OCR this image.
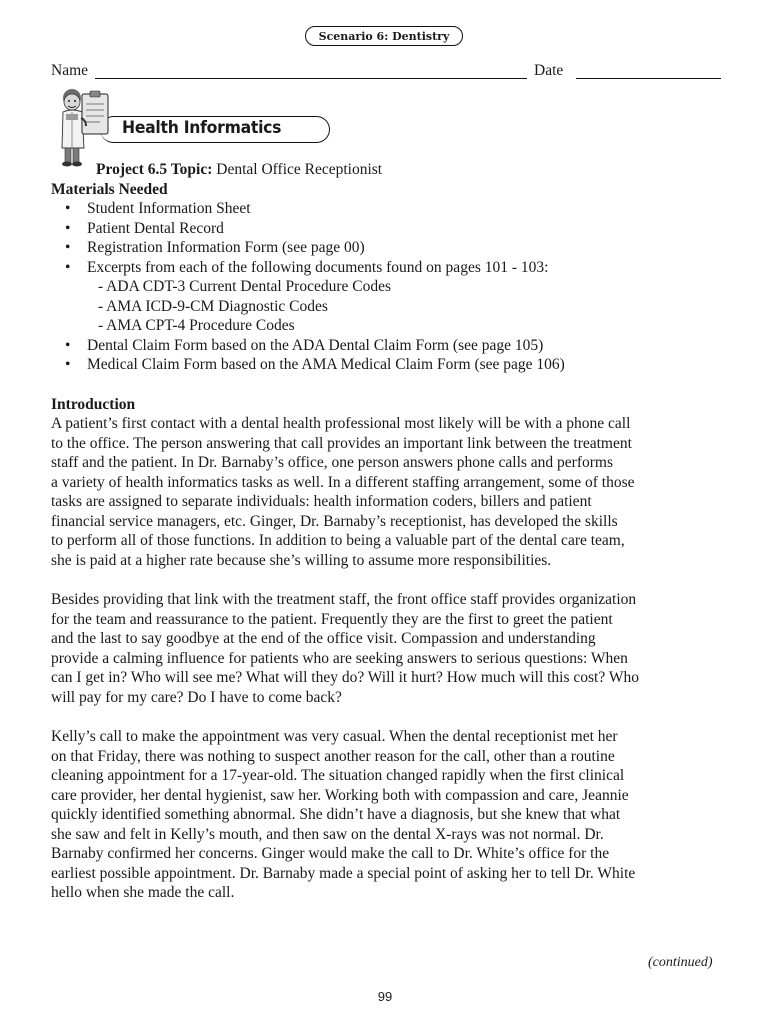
Scenario 6: Dentistry
Name	Date
Health Informatics
Project 6.5 Topic: Dental Office Receptionist
Materials Needed
• Student Information Sheet
• Patient Dental Record
• Registration Information Form (see page 00)
• Excerpts from each of the following documents found on pages 101 - 103:
- ADA CDT-3 Current Dental Procedure Codes
- AMA ICD-9-CM Diagnostic Codes
- AMA CPT-4 Procedure Codes
• Dental Claim Form based on the ADA Dental Claim Form (see page 105)
• Medical Claim Form based on the AMA Medical Claim Form (see page 106)
Introduction
A patient’s first contact with a dental health professional most likely will be with a phone call
to the office. The person answering that call provides an important link between the treatment
staff and the patient. In Dr. Barnaby’s office, one person answers phone calls and performs
a variety of health informatics tasks as well. In a different staffing arrangement, some of those
tasks are assigned to separate individuals: health information coders, billers and patient
financial service managers, etc. Ginger, Dr. Barnaby’s receptionist, has developed the skills
to perform all of those functions. In addition to being a valuable part of the dental care team,
she is paid at a higher rate because she’s willing to assume more responsibilities.
Besides providing that link with the treatment staff, the front office staff provides organization
for the team and reassurance to the patient. Frequently they are the first to greet the patient
and the last to say goodbye at the end of the office visit. Compassion and understanding
provide a calming influence for patients who are seeking answers to serious questions: When
can I get in? Who will see me? What will they do? Will it hurt? How much will this cost? Who
will pay for my care? Do I have to come back?
Kelly’s call to make the appointment was very casual. When the dental receptionist met her
on that Friday, there was nothing to suspect another reason for the call, other than a routine
cleaning appointment for a 17-year-old. The situation changed rapidly when the first clinical
care provider, her dental hygienist, saw her. Working both with compassion and care, Jeannie
quickly identified something abnormal. She didn’t have a diagnosis, but she knew that what
she saw and felt in Kelly’s mouth, and then saw on the dental X-rays was not normal. Dr.
Barnaby confirmed her concerns. Ginger would make the call to Dr. White’s office for the
earliest possible appointment. Dr. Barnaby made a special point of asking her to tell Dr. White
hello when she made the call.
(continued)
99
